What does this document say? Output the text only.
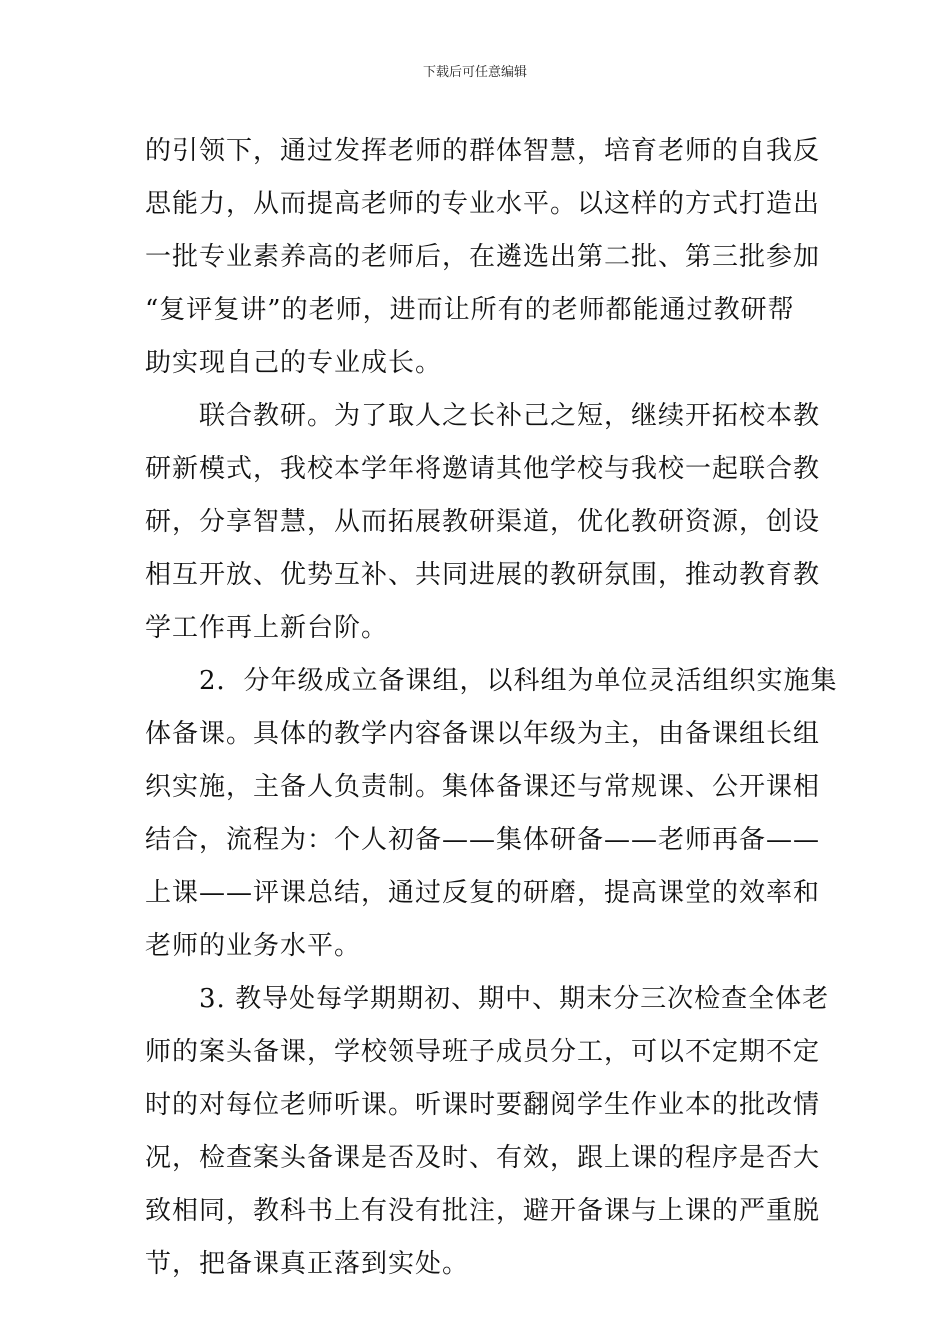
下载后可任意编辑
的引领下，通过发挥老师的群体智慧，培育老师的自我反
思能力，从而提高老师的专业水平。以这样的方式打造出
一批专业素养高的老师后，在遴选出第二批、第三批参加
“复评复讲”的老师，进而让所有的老师都能通过教研帮
助实现自己的专业成长。
　　联合教研。为了取人之长补己之短，继续开拓校本教
研新模式，我校本学年将邀请其他学校与我校一起联合教
研，分享智慧，从而拓展教研渠道，优化教研资源，创设
相互开放、优势互补、共同进展的教研氛围，推动教育教
学工作再上新台阶。
　　2．分年级成立备课组，以科组为单位灵活组织实施集
体备课。具体的教学内容备课以年级为主，由备课组长组
织实施，主备人负责制。集体备课还与常规课、公开课相
结合，流程为：个人初备——集体研备——老师再备——
上课——评课总结，通过反复的研磨，提高课堂的效率和
老师的业务水平。
　　3. 教导处每学期期初、期中、期末分三次检查全体老
师的案头备课，学校领导班子成员分工，可以不定期不定
时的对每位老师听课。听课时要翻阅学生作业本的批改情
况，检查案头备课是否及时、有效，跟上课的程序是否大
致相同，教科书上有没有批注，避开备课与上课的严重脱
节，把备课真正落到实处。
